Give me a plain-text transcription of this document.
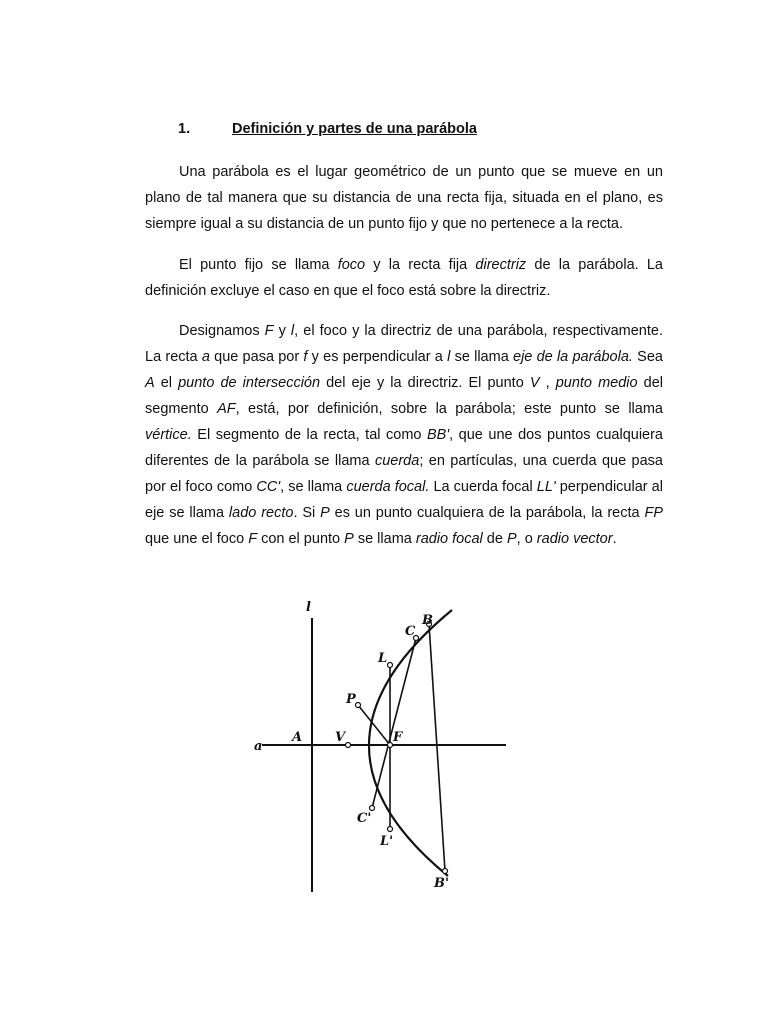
1.	Definición y partes de una parábola

Una parábola es el lugar geométrico de un punto que se mueve en un plano de tal manera que su distancia de una recta fija, situada en el plano, es siempre igual a su distancia de un punto fijo y que no pertenece a la recta.

El punto fijo se llama foco y la recta fija directriz de la parábola. La definición excluye el caso en que el foco está sobre la directriz.

Designamos F y l, el foco y la directriz de una parábola, respectivamente. La recta a que pasa por f y es perpendicular a l se llama eje de la parábola. Sea A el punto de intersección del eje y la directriz. El punto V , punto medio del segmento AF, está, por definición, sobre la parábola; este punto se llama vértice. El segmento de la recta, tal como BB', que une dos puntos cualquiera diferentes de la parábola se llama cuerda; en partículas, una cuerda que pasa por el foco como CC', se llama cuerda focal. La cuerda focal LL' perpendicular al eje se llama lado recto. Si P es un punto cualquiera de la parábola, la recta FP que une el foco F con el punto P se llama radio focal de P, o radio vector.

l
a
A	V	F
P
L
L'
C
C'
B
B'
